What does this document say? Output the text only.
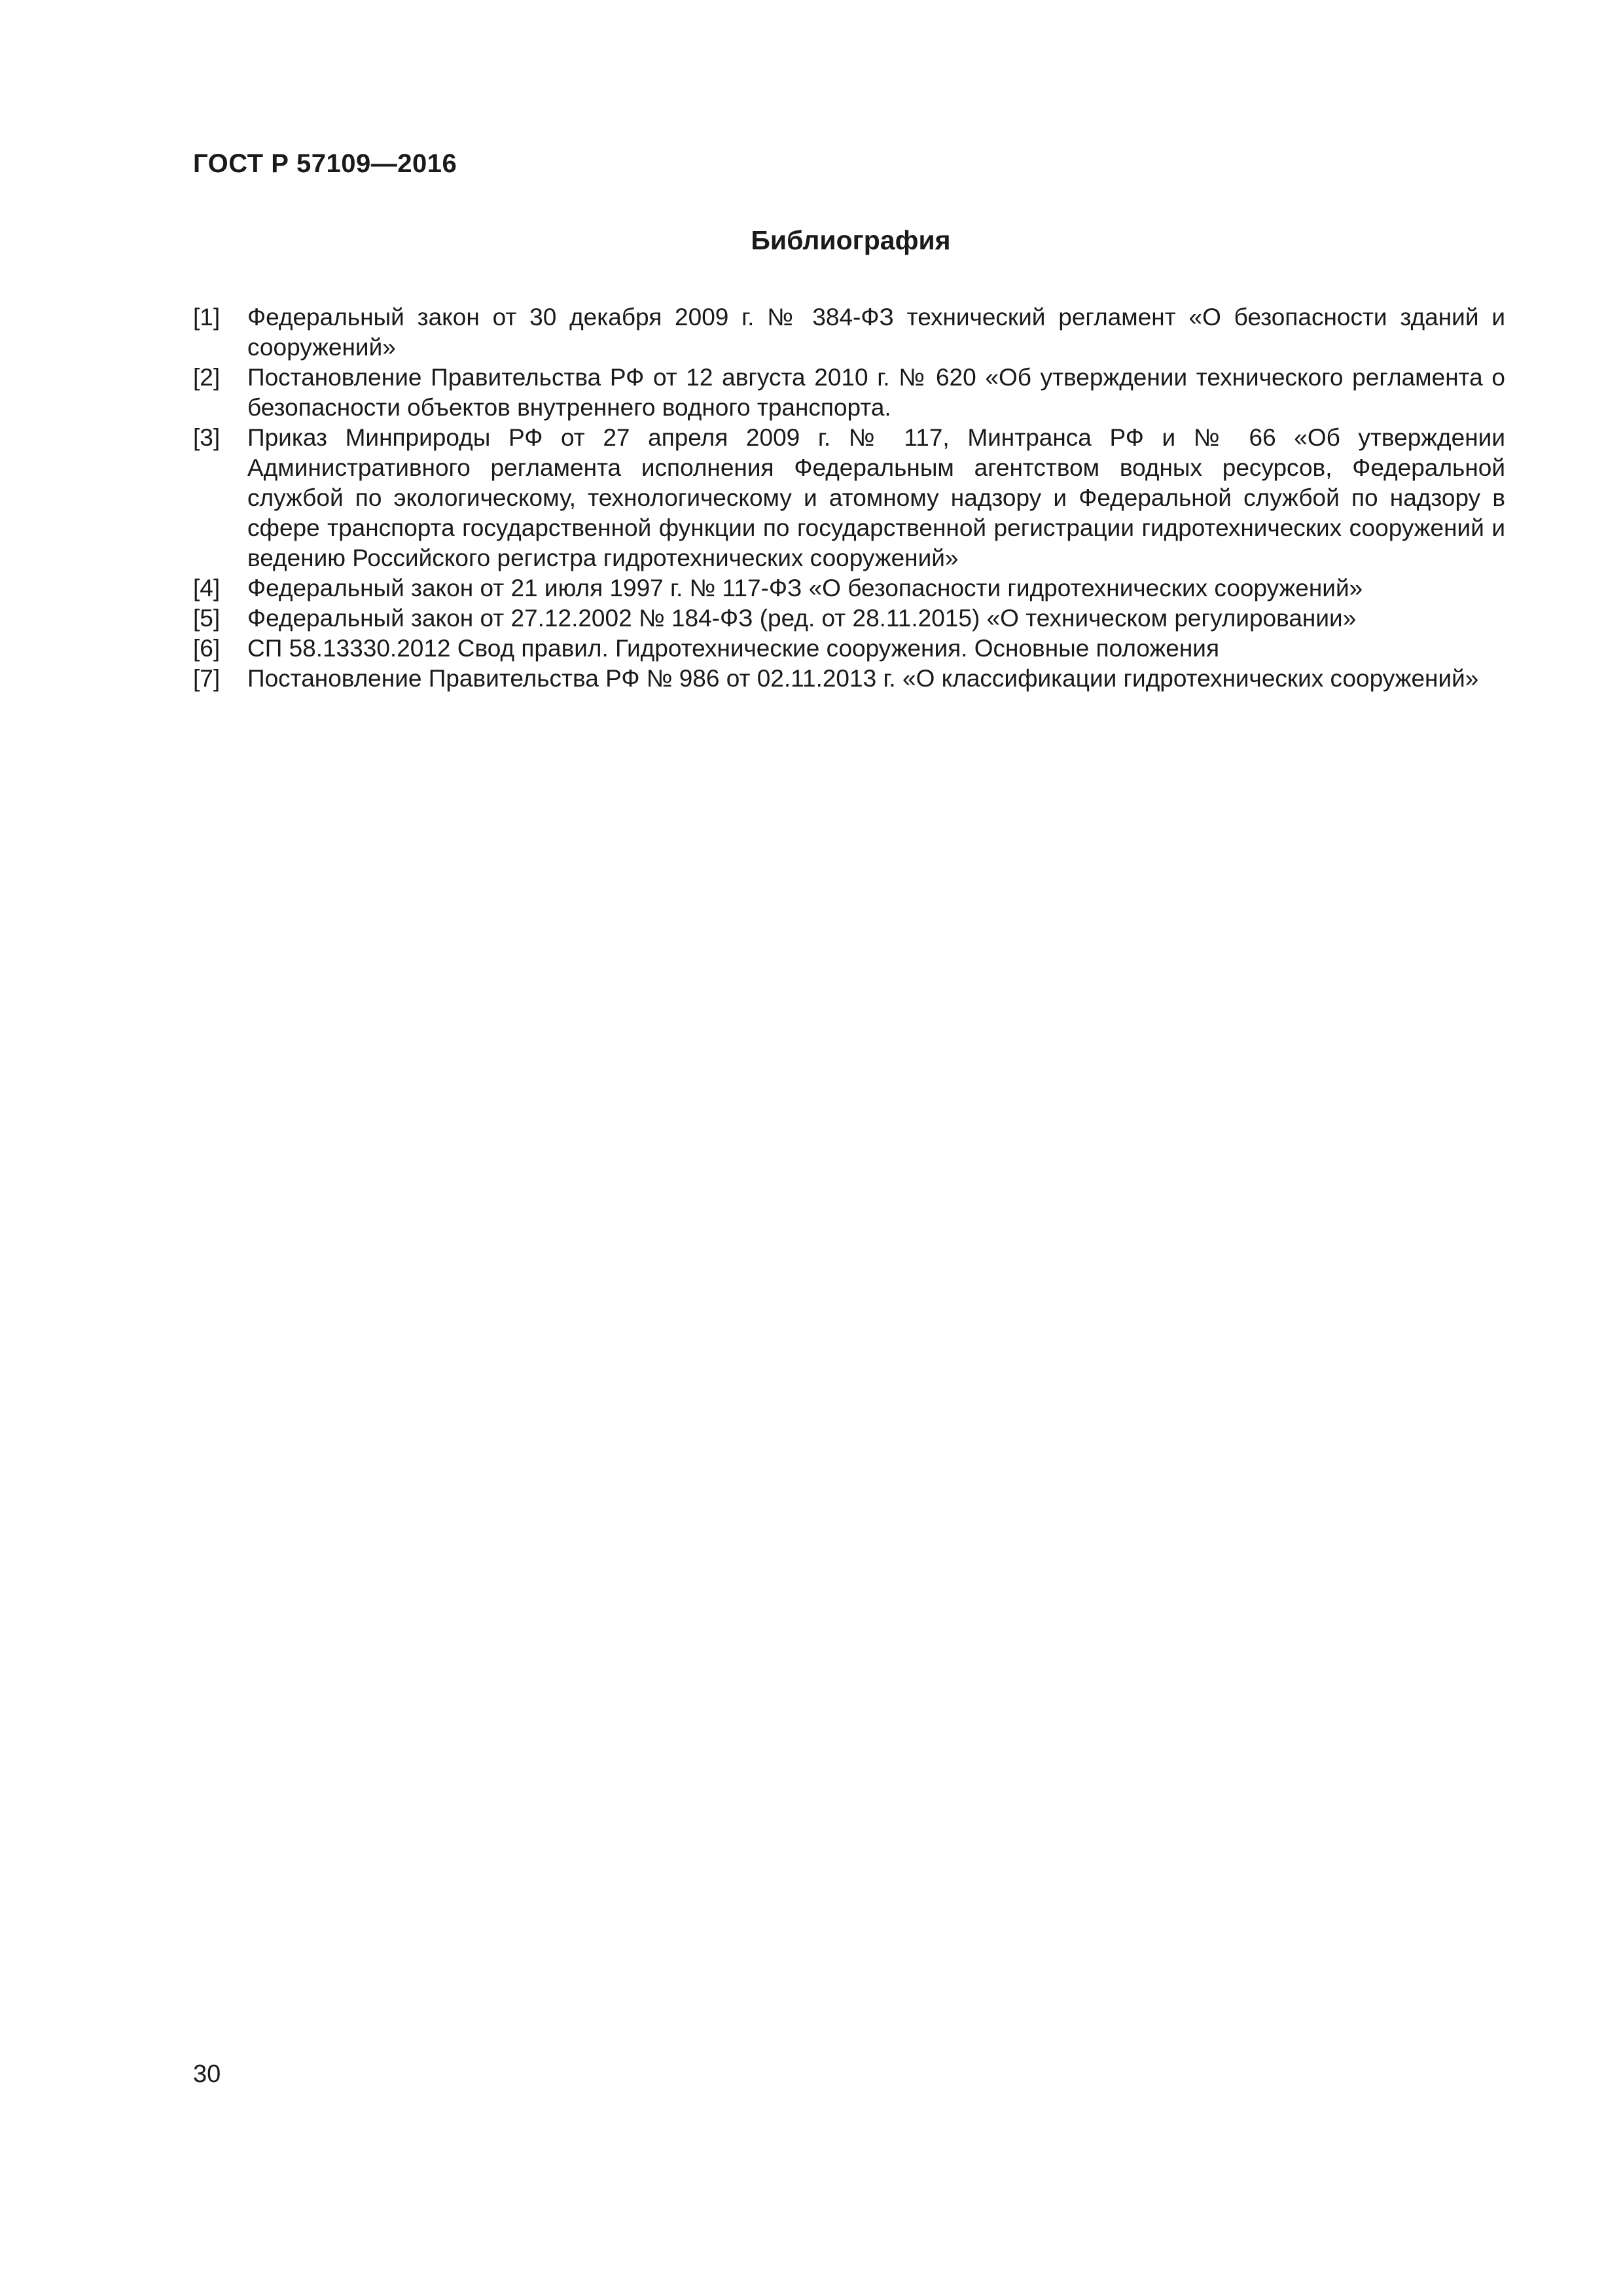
ГОСТ Р 57109—2016
Библиография
[1] Федеральный закон от 30 декабря 2009 г. № 384-ФЗ технический регламент «О безопасности зданий и сооружений»
[2] Постановление Правительства РФ от 12 августа 2010 г. № 620 «Об утверждении технического регламента о безопасности объектов внутреннего водного транспорта.
[3] Приказ Минприроды РФ от 27 апреля 2009 г. № 117, Минтранса РФ и № 66 «Об утверждении Административного регламента исполнения Федеральным агентством водных ресурсов, Федеральной службой по экологическому, технологическому и атомному надзору и Федеральной службой по надзору в сфере транспорта государственной функции по государственной регистрации гидротехнических сооружений и ведению Российского регистра гидротехнических сооружений»
[4] Федеральный закон от 21 июля 1997 г. № 117-ФЗ «О безопасности гидротехнических сооружений»
[5] Федеральный закон от 27.12.2002 № 184-ФЗ (ред. от 28.11.2015) «О техническом регулировании»
[6] СП 58.13330.2012 Свод правил. Гидротехнические сооружения. Основные положения
[7] Постановление Правительства РФ № 986 от 02.11.2013 г. «О классификации гидротехнических сооружений»
30
